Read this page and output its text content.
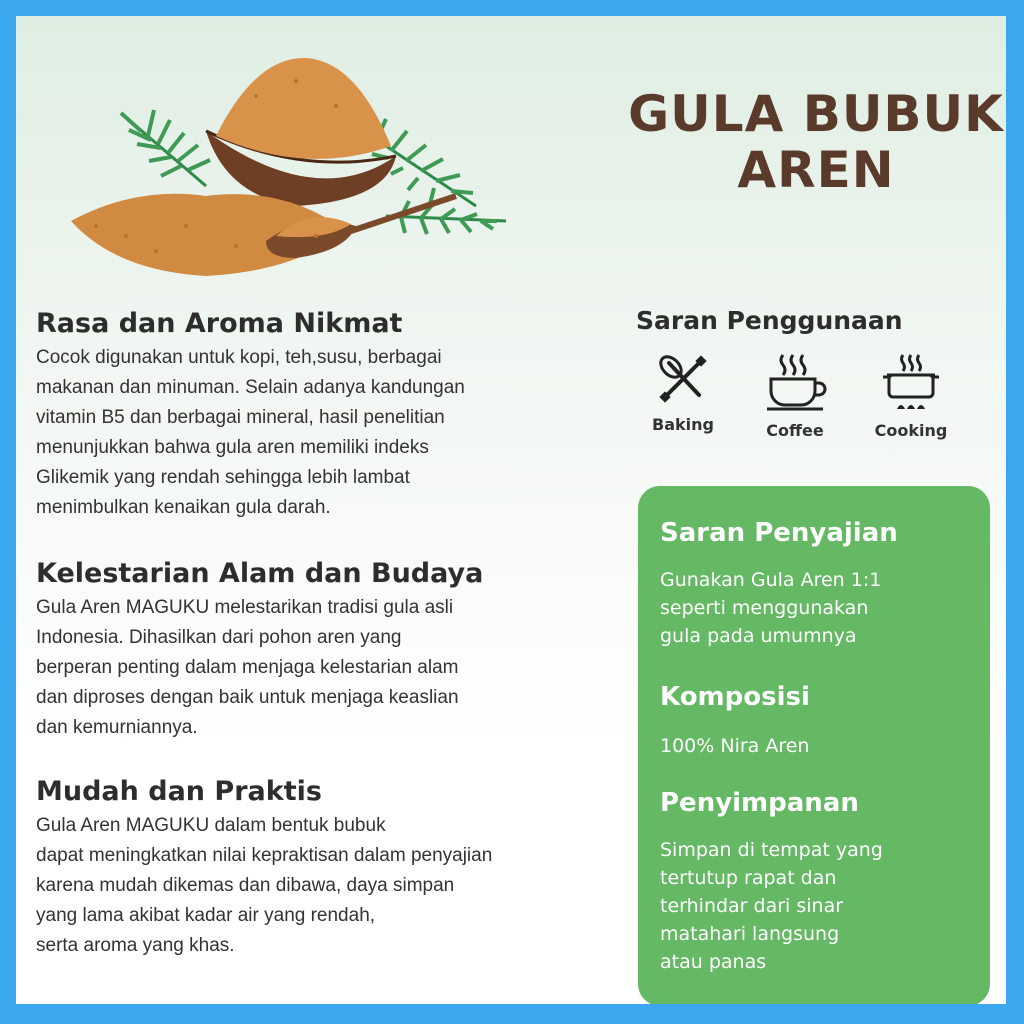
GULA BUBUK
AREN
Rasa dan Aroma Nikmat

Cocok digunakan untuk kopi, teh,susu, berbagai
makanan dan minuman. Selain adanya kandungan
vitamin B5 dan berbagai mineral, hasil penelitian
menunjukkan bahwa gula aren memiliki indeks
Glikemik yang rendah sehingga lebih lambat
menimbulkan kenaikan gula darah.

Kelestarian Alam dan Budaya

Gula Aren MAGUKU melestarikan tradisi gula asli
Indonesia. Dihasilkan dari pohon aren yang
berperan penting dalam menjaga kelestarian alam
dan diproses dengan baik untuk menjaga keaslian
dan kemurniannya.

Mudah dan Praktis

Gula Aren MAGUKU dalam bentuk bubuk
dapat meningkatkan nilai kepraktisan dalam penyajian
karena mudah dikemas dan dibawa, daya simpan
yang lama akibat kadar air yang rendah,
serta aroma yang khas.

Saran Penggunaan
Baking	Coffee	Cooking
Saran Penyajian

Gunakan Gula Aren 1:1
seperti menggunakan
gula pada umumnya

Komposisi

100% Nira Aren

Penyimpanan

Simpan di tempat yang
tertutup rapat dan
terhindar dari sinar
matahari langsung
atau panas
